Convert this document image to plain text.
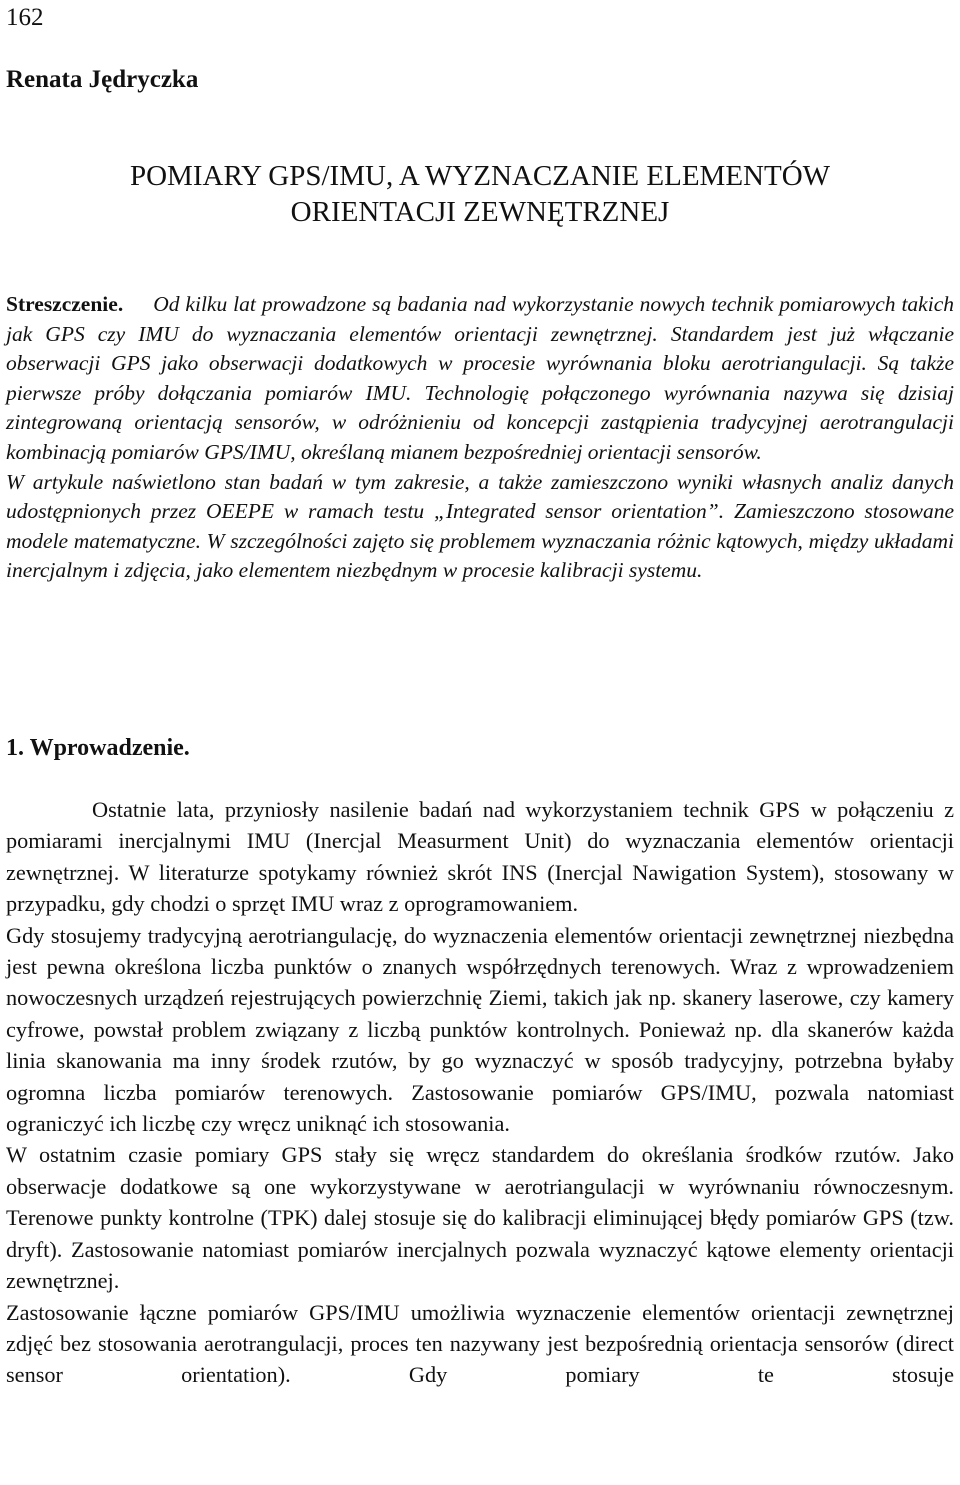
162
Renata Jędryczka
POMIARY GPS/IMU, A WYZNACZANIE ELEMENTÓW
ORIENTACJI ZEWNĘTRZNEJ

Streszczenie. Od kilku lat prowadzone są badania nad wykorzystanie nowych technik pomiarowych takich jak GPS czy IMU do wyznaczania elementów orientacji zewnętrznej. Standardem jest już włączanie obserwacji GPS jako obserwacji dodatkowych w procesie wyrównania bloku aerotriangulacji. Są także pierwsze próby dołączania pomiarów IMU. Technologię połączonego wyrównania nazywa się dzisiaj zintegrowaną orientacją sensorów, w odróżnieniu od koncepcji zastąpienia tradycyjnej aerotrangulacji kombinacją pomiarów GPS/IMU, określaną mianem bezpośredniej orientacji sensorów.

W artykule naświetlono stan badań w tym zakresie, a także zamieszczono wyniki własnych analiz danych udostępnionych przez OEEPE w ramach testu „Integrated sensor orientation”. Zamieszczono stosowane modele matematyczne. W szczególności zajęto się problemem wyznaczania różnic kątowych, między układami inercjalnym i zdjęcia, jako elementem niezbędnym w procesie kalibracji systemu.

1. Wprowadzenie.

Ostatnie lata, przyniosły nasilenie badań nad wykorzystaniem technik GPS w połączeniu z pomiarami inercjalnymi IMU (Inercjal Measurment Unit) do wyznaczania elementów orientacji zewnętrznej. W literaturze spotykamy również skrót INS (Inercjal Nawigation System), stosowany w przypadku, gdy chodzi o sprzęt IMU wraz z oprogramowaniem.

Gdy stosujemy tradycyjną aerotriangulację, do wyznaczenia elementów orientacji zewnętrznej niezbędna jest pewna określona liczba punktów o znanych współrzędnych terenowych. Wraz z wprowadzeniem nowoczesnych urządzeń rejestrujących powierzchnię Ziemi, takich jak np. skanery laserowe, czy kamery cyfrowe, powstał problem związany z liczbą punktów kontrolnych. Ponieważ np. dla skanerów każda linia skanowania ma inny środek rzutów, by go wyznaczyć w sposób tradycyjny, potrzebna byłaby ogromna liczba pomiarów terenowych. Zastosowanie pomiarów GPS/IMU, pozwala natomiast ograniczyć ich liczbę czy wręcz uniknąć ich stosowania.

W ostatnim czasie pomiary GPS stały się wręcz standardem do określania środków rzutów. Jako obserwacje dodatkowe są one wykorzystywane w aerotriangulacji w wyrównaniu równoczesnym. Terenowe punkty kontrolne (TPK) dalej stosuje się do kalibracji eliminującej błędy pomiarów GPS (tzw. dryft). Zastosowanie natomiast pomiarów inercjalnych pozwala wyznaczyć kątowe elementy orientacji zewnętrznej.

Zastosowanie łączne pomiarów GPS/IMU umożliwia wyznaczenie elementów orientacji zewnętrznej zdjęć bez stosowania aerotrangulacji, proces ten nazywany jest bezpośrednią orientacja sensorów (direct sensor orientation). Gdy pomiary te stosuje
